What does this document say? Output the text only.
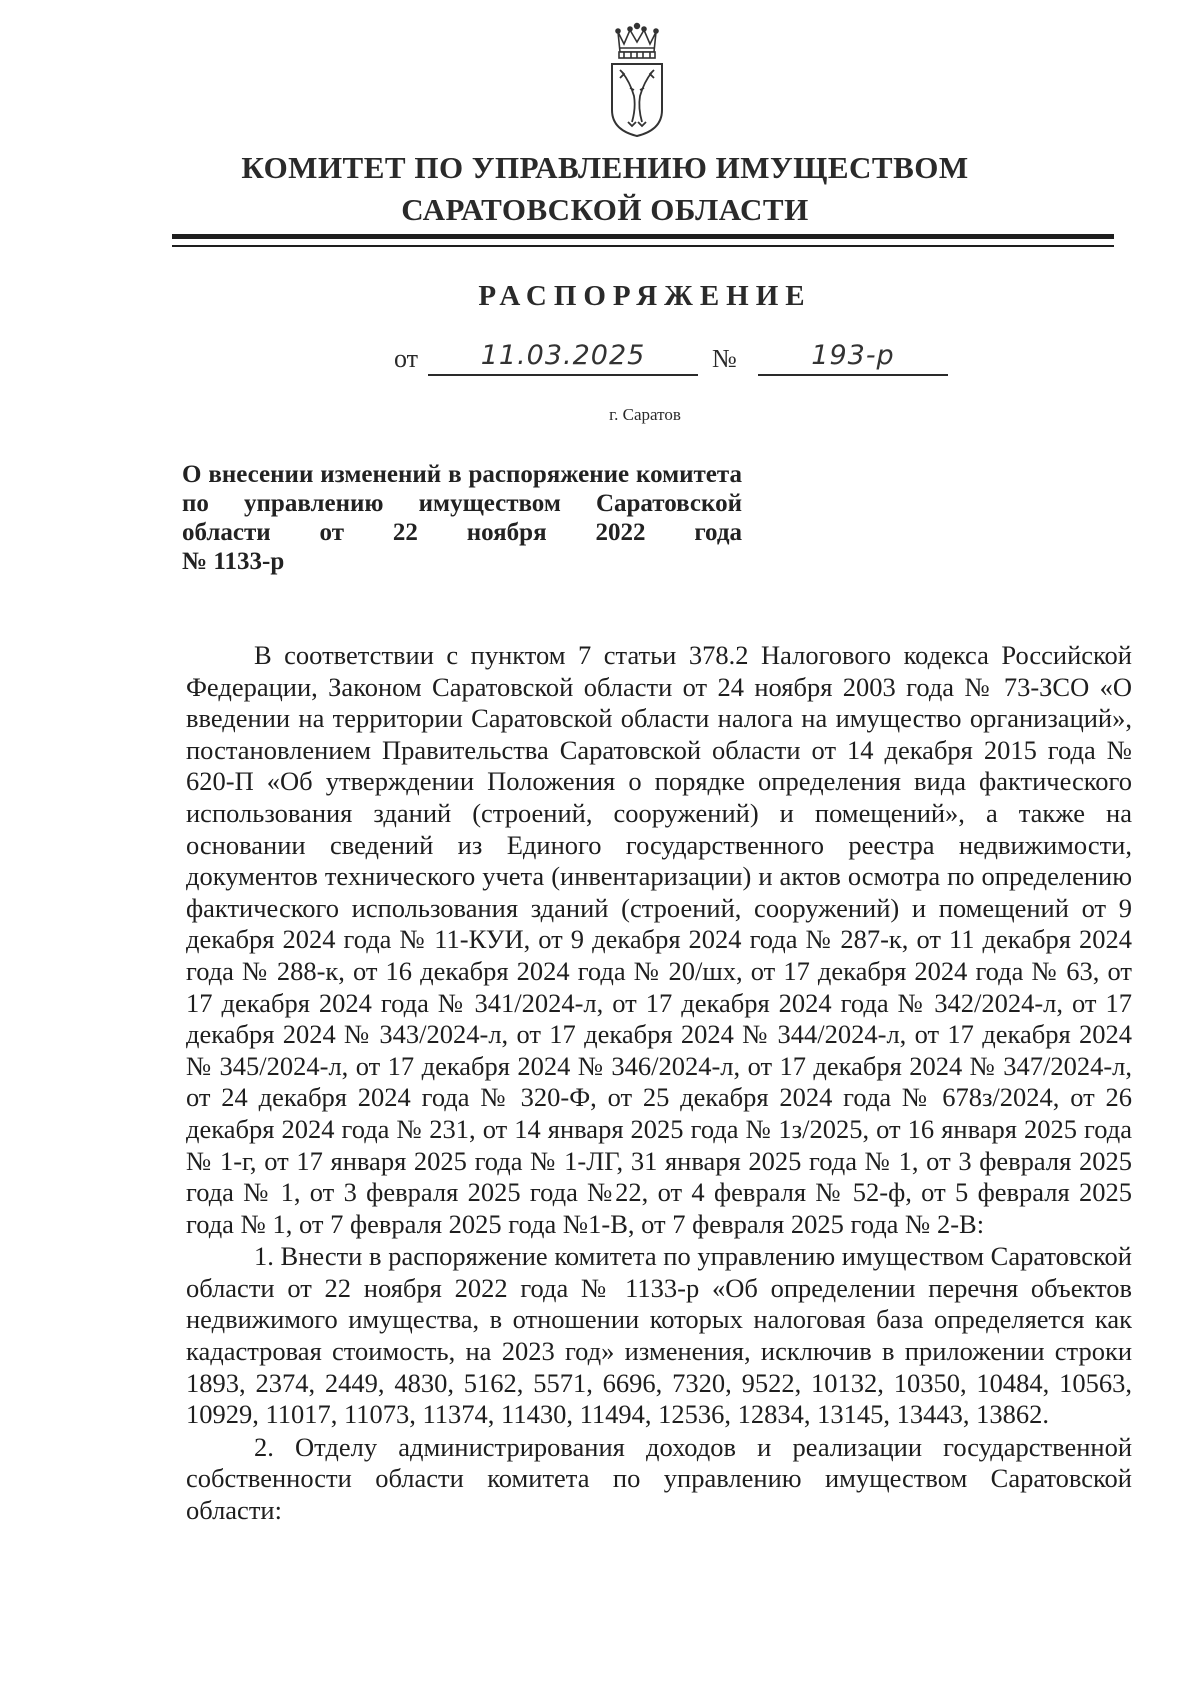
КОМИТЕТ ПО УПРАВЛЕНИЮ ИМУЩЕСТВОМ
САРАТОВСКОЙ ОБЛАСТИ
РАСПОРЯЖЕНИЕ
от	11.03.2025	№	193-р
г. Саратов
О внесении изменений в распоряжение комитета по управлению имуществом Саратовской области от 22 ноября 2022 года
№ 1133-р

В соответствии с пунктом 7 статьи 378.2 Налогового кодекса Российской Федерации, Законом Саратовской области от 24 ноября 2003 года № 73-ЗСО «О введении на территории Саратовской области налога на имущество организаций», постановлением Правительства Саратовской области от 14 декабря 2015 года № 620-П «Об утверждении Положения о порядке определения вида фактического использования зданий (строений, сооружений) и помещений», а также на основании сведений из Единого государственного реестра недвижимости, документов технического учета (инвентаризации) и актов осмотра по определению фактического использования зданий (строений, сооружений) и помещений от 9 декабря 2024 года № 11-КУИ, от 9 декабря 2024 года № 287-к, от 11 декабря 2024 года № 288-к, от 16 декабря 2024 года № 20/шх, от 17 декабря 2024 года № 63, от 17 декабря 2024 года № 341/2024-л, от 17 декабря 2024 года № 342/2024-л, от 17 декабря 2024 № 343/2024-л, от 17 декабря 2024 № 344/2024-л, от 17 декабря 2024 № 345/2024-л, от 17 декабря 2024 № 346/2024-л, от 17 декабря 2024 № 347/2024-л, от 24 декабря 2024 года № 320-Ф, от 25 декабря 2024 года № 678з/2024, от 26 декабря 2024 года № 231, от 14 января 2025 года № 1з/2025, от 16 января 2025 года № 1-г, от 17 января 2025 года № 1-ЛГ, 31 января 2025 года № 1, от 3 февраля 2025 года № 1, от 3 февраля 2025 года №22, от 4 февраля № 52-ф, от 5 февраля 2025 года № 1, от 7 февраля 2025 года №1-В, от 7 февраля 2025 года № 2-В:

1. Внести в распоряжение комитета по управлению имуществом Саратовской области от 22 ноября 2022 года № 1133-р «Об определении перечня объектов недвижимого имущества, в отношении которых налоговая база определяется как кадастровая стоимость, на 2023 год» изменения, исключив в приложении строки 1893, 2374, 2449, 4830, 5162, 5571, 6696, 7320, 9522, 10132, 10350, 10484, 10563, 10929, 11017, 11073, 11374, 11430, 11494, 12536, 12834, 13145, 13443, 13862.

2. Отделу администрирования доходов и реализации государственной собственности области комитета по управлению имуществом Саратовской области:
